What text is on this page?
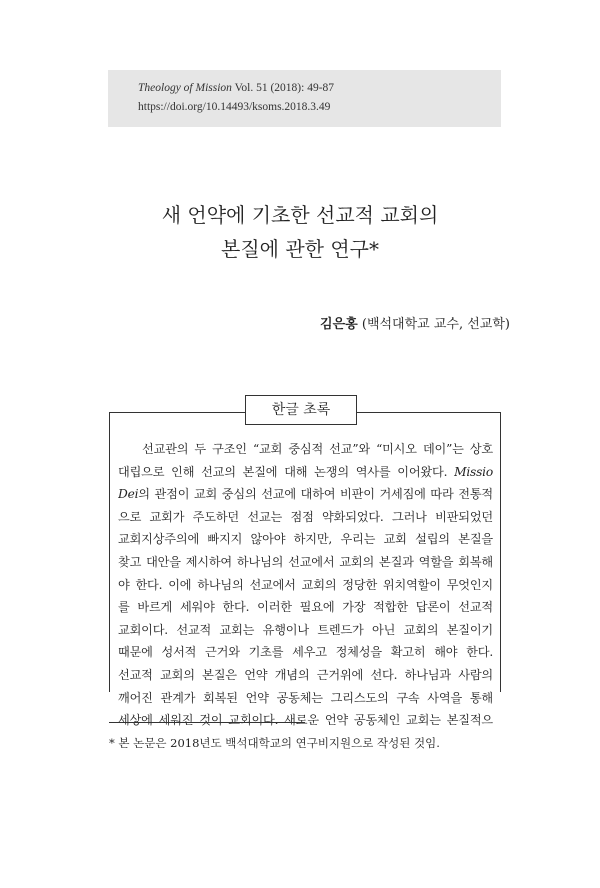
Theology of Mission Vol. 51 (2018): 49-87
https://doi.org/10.14493/ksoms.2018.3.49
새 언약에 기초한 선교적 교회의
본질에 관한 연구*
김은홍 (백석대학교 교수, 선교학)
한글 초록
선교관의 두 구조인 “교회 중심적 선교”와 “미시오 데이”는 상호
대립으로 인해 선교의 본질에 대해 논쟁의 역사를 이어왔다. Missio
Dei의 관점이 교회 중심의 선교에 대하여 비판이 거세짐에 따라 전통적
으로 교회가 주도하던 선교는 점점 약화되었다. 그러나 비판되었던
교회지상주의에 빠지지 않아야 하지만, 우리는 교회 설립의 본질을
찾고 대안을 제시하여 하나님의 선교에서 교회의 본질과 역할을 회복해
야 한다. 이에 하나님의 선교에서 교회의 정당한 위치역할이 무엇인지
를 바르게 세워야 한다. 이러한 필요에 가장 적합한 답론이 선교적
교회이다. 선교적 교회는 유행이나 트렌드가 아닌 교회의 본질이기
때문에 성서적 근거와 기초를 세우고 정체성을 확고히 해야 한다.
선교적 교회의 본질은 언약 개념의 근거위에 선다. 하나님과 사람의
깨어진 관계가 회복된 언약 공동체는 그리스도의 구속 사역을 통해
세상에 세워진 것이 교회이다. 새로운 언약 공동체인 교회는 본질적으
* 본 논문은 2018년도 백석대학교의 연구비지원으로 작성된 것임.
